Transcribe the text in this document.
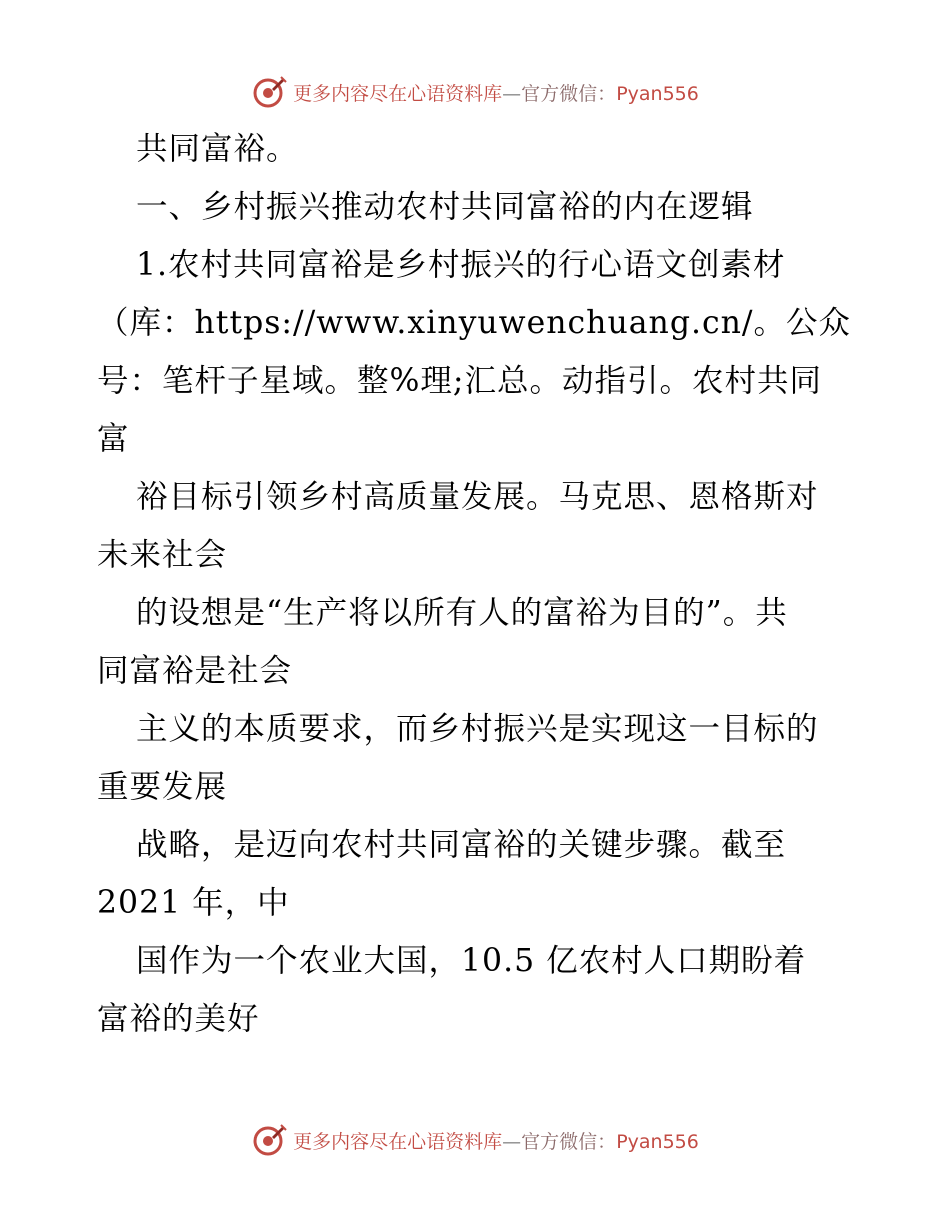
更多内容尽在心语资料库—官方微信：Pyan556
共同富裕。
一、乡村振兴推动农村共同富裕的内在逻辑
1.农村共同富裕是乡村振兴的行心语文创素材
（库：https://www.xinyuwenchuang.cn/。公众
号：笔杆子星域。整%理;汇总。动指引。农村共同
富
裕目标引领乡村高质量发展。马克思、恩格斯对
未来社会
的设想是“生产将以所有人的富裕为目的”。共
同富裕是社会
主义的本质要求，而乡村振兴是实现这一目标的
重要发展
战略，是迈向农村共同富裕的关键步骤。截至
2021 年，中
国作为一个农业大国，10.5 亿农村人口期盼着
富裕的美好
更多内容尽在心语资料库—官方微信：Pyan556
